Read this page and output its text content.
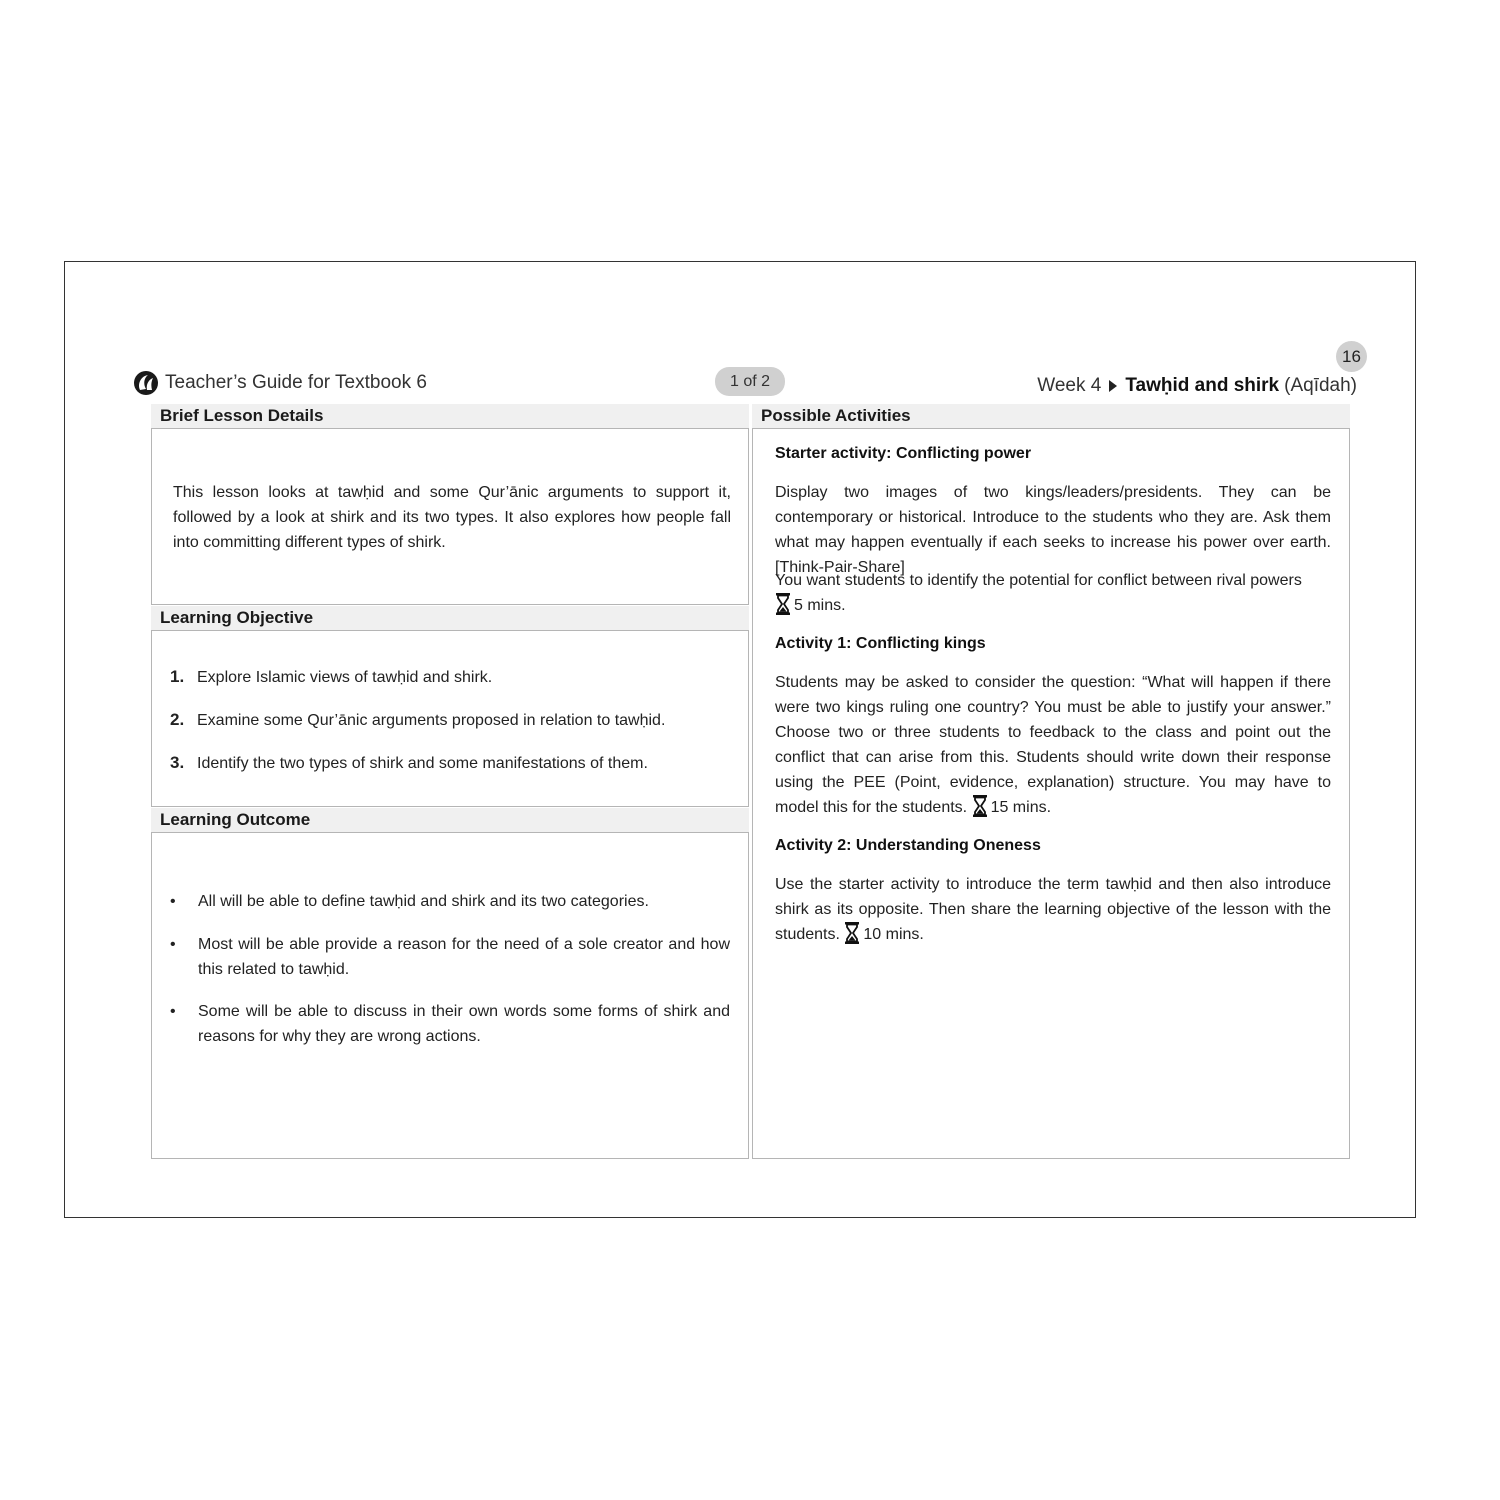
Teacher’s Guide for Textbook 6	1 of 2
16
Week 4 Tawḥid and shirk (Aqīdah)
Brief Lesson Details

This lesson looks at tawḥid and some Qur’ānic arguments to support it, followed by a look at shirk and its two types. It also explores how people fall into committing different types of shirk.

Learning Objective
1. Explore Islamic views of tawḥid and shirk.
2. Examine some Qur’ānic arguments proposed in relation to tawḥid.
3. Identify the two types of shirk and some manifestations of them.
Learning Outcome
•	All will be able to define tawḥid and shirk and its two categories.
•	Most will be able provide a reason for the need of a sole creator and how this related to tawḥid.
•	Some will be able to discuss in their own words some forms of shirk and reasons for why they are wrong actions.
Possible Activities
Starter activity: Conflicting power

Display two images of two kings/leaders/presidents. They can be contemporary or historical. Introduce to the students who they are. Ask them what may happen eventually if each seeks to increase his power over earth. [Think-Pair-Share]

You want students to identify the potential for conflict between rival powers
5 mins.
Activity 1: Conflicting kings
Students may be asked to consider the question: “What will happen if there were two kings ruling one country? You must be able to justify your answer.” Choose two or three students to feedback to the class and point out the conflict that can arise from this. Students should write down their response using the PEE (Point, evidence, explanation) structure. You may have to model this for the students. 15 mins.
Activity 2: Understanding Oneness
Use the starter activity to introduce the term tawḥid and then also introduce shirk as its opposite. Then share the learning objective of the lesson with the students. 10 mins.
